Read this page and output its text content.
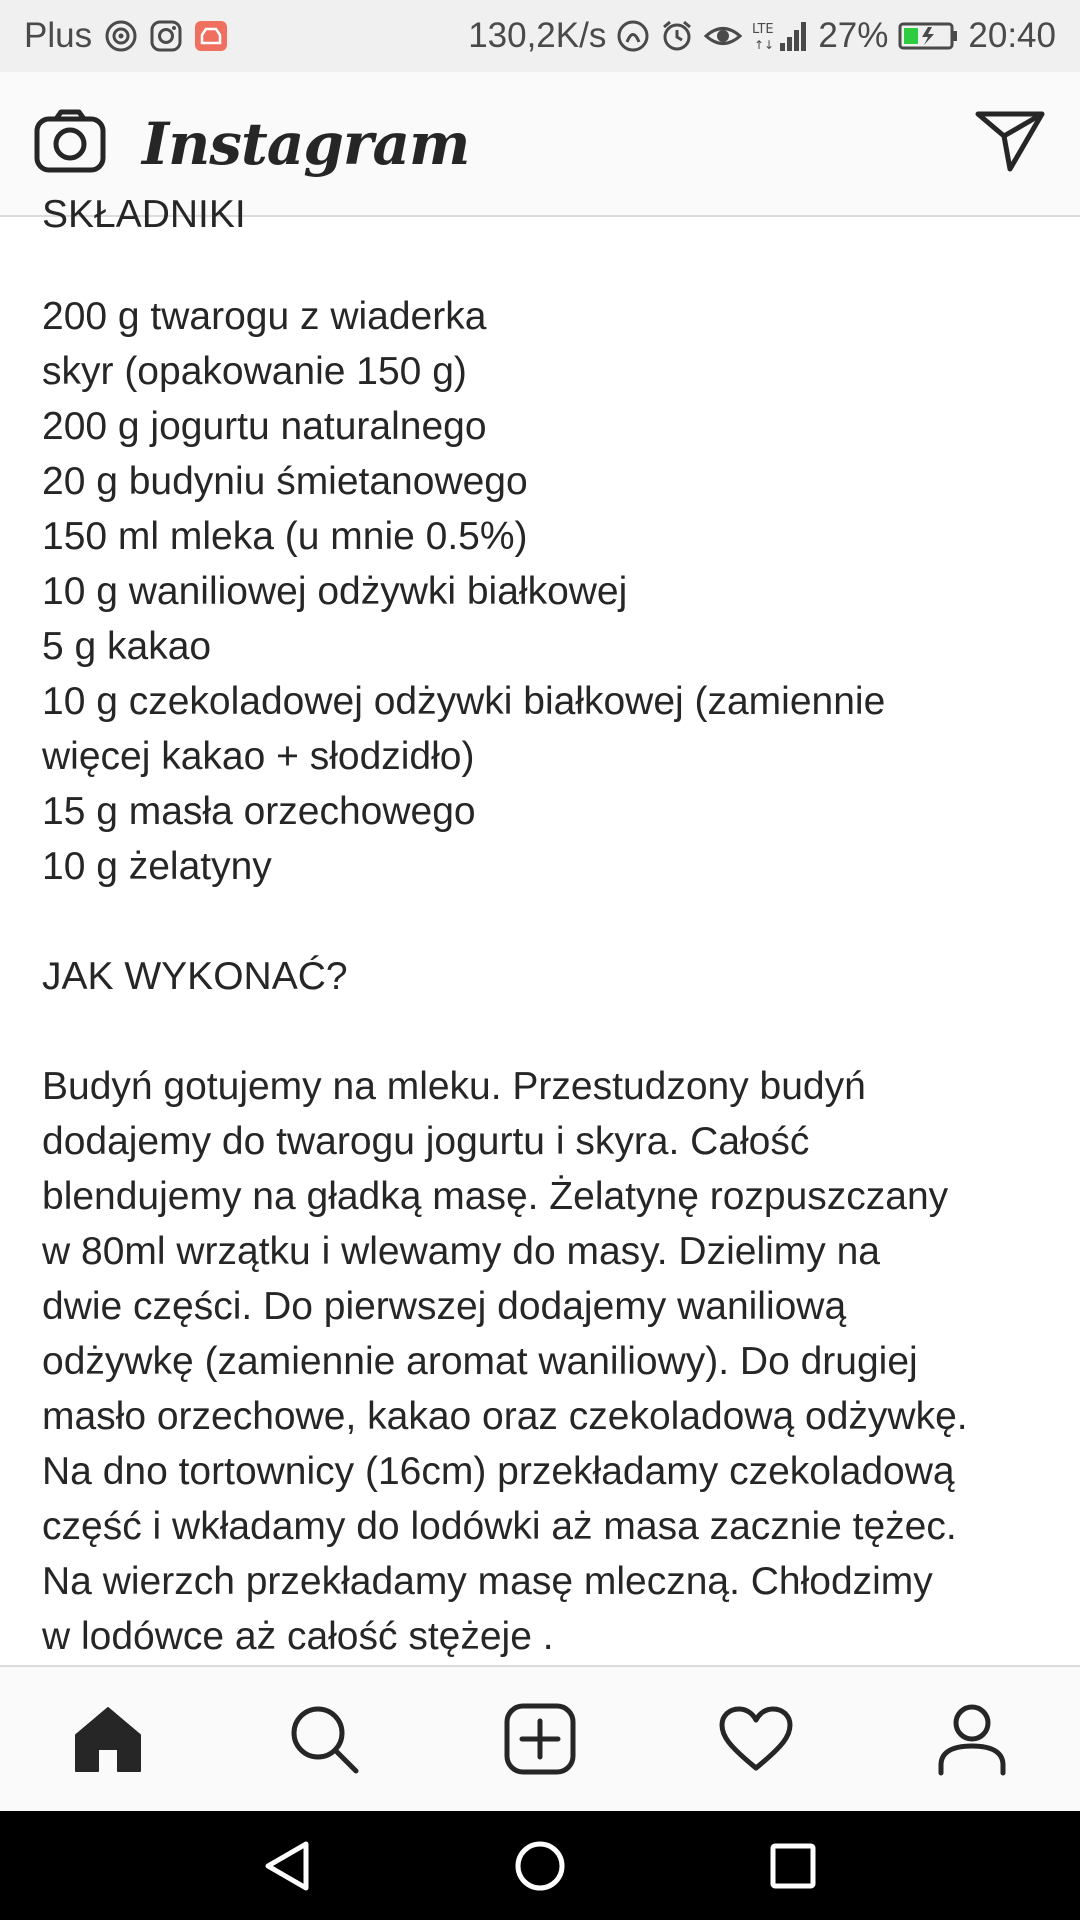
Plus	130,2K/s	LTE
↑↓ 27% 20:40
Instagram
SKŁADNIKI
200 g twarogu z wiaderka
skyr (opakowanie 150 g)
200 g jogurtu naturalnego
20 g budyniu śmietanowego
150 ml mleka (u mnie 0.5%)
10 g waniliowej odżywki białkowej
5 g kakao
10 g czekoladowej odżywki białkowej (zamiennie
więcej kakao + słodzidło)
15 g masła orzechowego
10 g żelatyny
JAK WYKONAĆ?
Budyń gotujemy na mleku. Przestudzony budyń
dodajemy do twarogu jogurtu i skyra. Całość
blendujemy na gładką masę. Żelatynę rozpuszczany
w 80ml wrzątku i wlewamy do masy. Dzielimy na
dwie części. Do pierwszej dodajemy waniliową
odżywkę (zamiennie aromat waniliowy). Do drugiej
masło orzechowe, kakao oraz czekoladową odżywkę.
Na dno tortownicy (16cm) przekładamy czekoladową
część i wkładamy do lodówki aż masa zacznie tężec.
Na wierzch przekładamy masę mleczną. Chłodzimy
w lodówce aż całość stężeje .
